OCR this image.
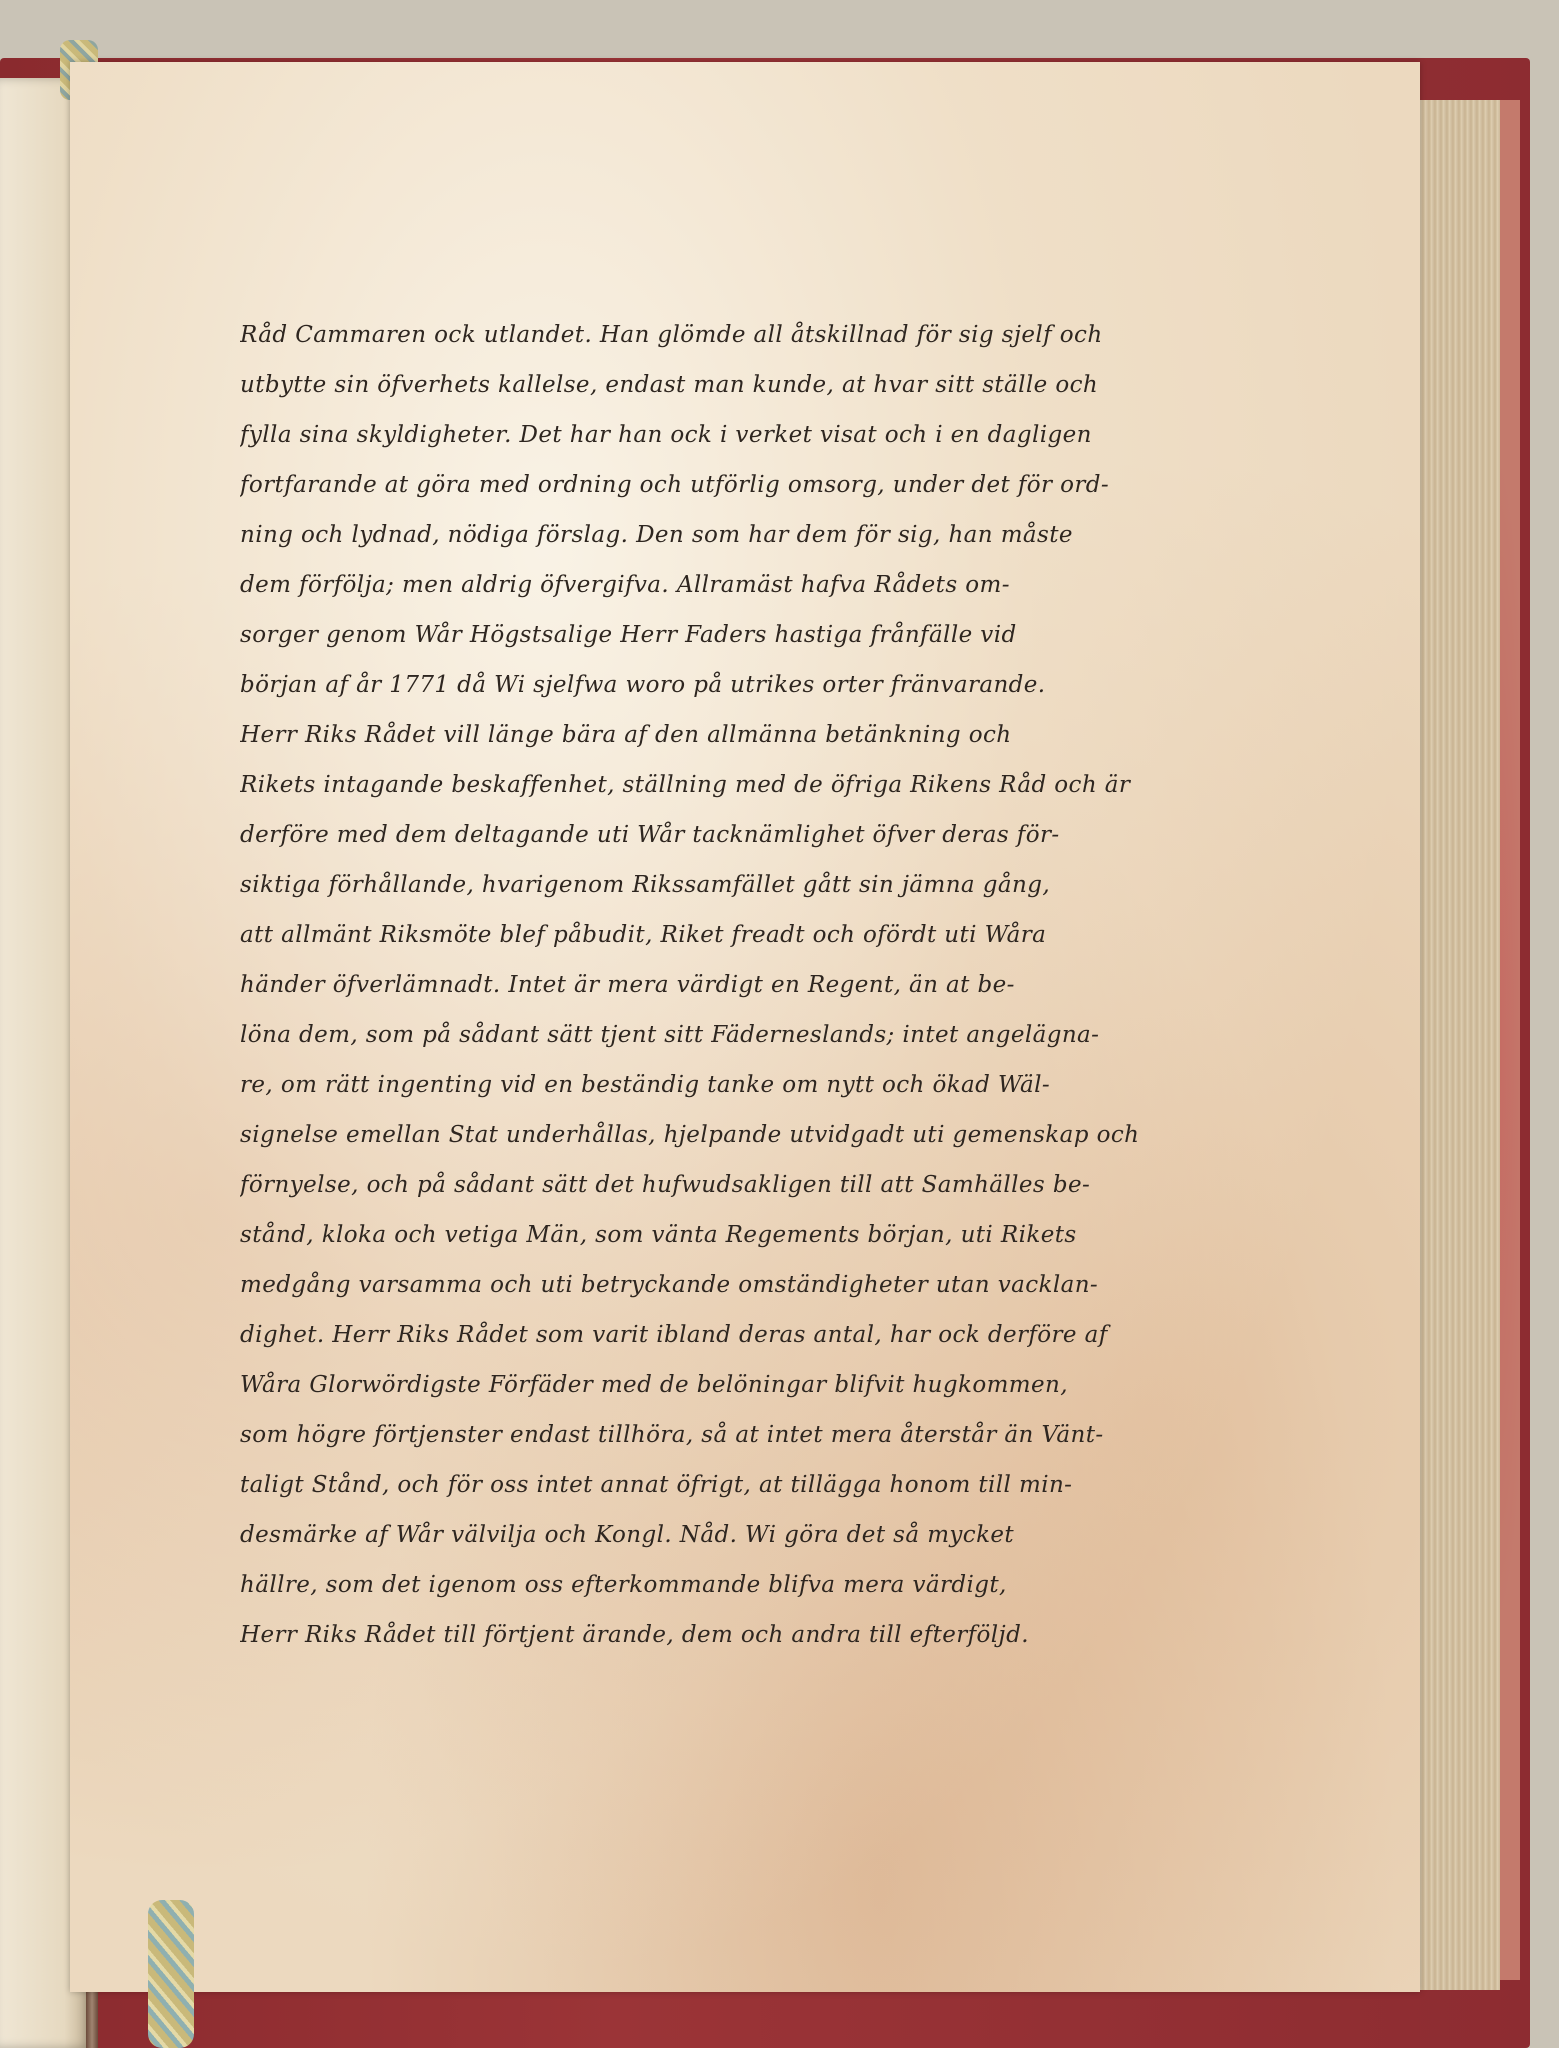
Råd Cammaren ock utlandet. Han glömde all åtskillnad för sig sjelf och
utbytte sin öfverhets kallelse, endast man kunde, at hvar sitt ställe och
fylla sina skyldigheter. Det har han ock i verket visat och i en dagligen
fortfarande at göra med ordning och utförlig omsorg, under det för ord-
ning och lydnad, nödiga förslag. Den som har dem för sig, han måste
dem förfölja; men aldrig öfvergifva. Allramäst hafva Rådets om-
sorger genom Wår Högstsalige Herr Faders hastiga frånfälle vid
början af år 1771 då Wi sjelfwa woro på utrikes orter fränvarande.
Herr Riks Rådet vill länge bära af den allmänna betänkning och
Rikets intagande beskaffenhet, ställning med de öfriga Rikens Råd och är
derföre med dem deltagande uti Wår tacknämlighet öfver deras för-
siktiga förhållande, hvarigenom Rikssamfället gått sin jämna gång,
att allmänt Riksmöte blef påbudit, Riket freadt och ofördt uti Wåra
händer öfverlämnadt. Intet är mera värdigt en Regent, än at be-
löna dem, som på sådant sätt tjent sitt Fäderneslands; intet angelägna-
re, om rätt ingenting vid en beständig tanke om nytt och ökad Wäl-
signelse emellan Stat underhållas, hjelpande utvidgadt uti gemenskap och
förnyelse, och på sådant sätt det hufwudsakligen till att Samhälles be-
stånd, kloka och vetiga Män, som vänta Regements början, uti Rikets
medgång varsamma och uti betryckande omständigheter utan vacklan-
dighet. Herr Riks Rådet som varit ibland deras antal, har ock derföre af
Wåra Glorwördigste Förfäder med de belöningar blifvit hugkommen,
som högre förtjenster endast tillhöra, så at intet mera återstår än Vänt-
taligt Stånd, och för oss intet annat öfrigt, at tillägga honom till min-
desmärke af Wår välvilja och Kongl. Nåd. Wi göra det så mycket
hällre, som det igenom oss efterkommande blifva mera värdigt,
Herr Riks Rådet till förtjent ärande, dem och andra till efterföljd.
